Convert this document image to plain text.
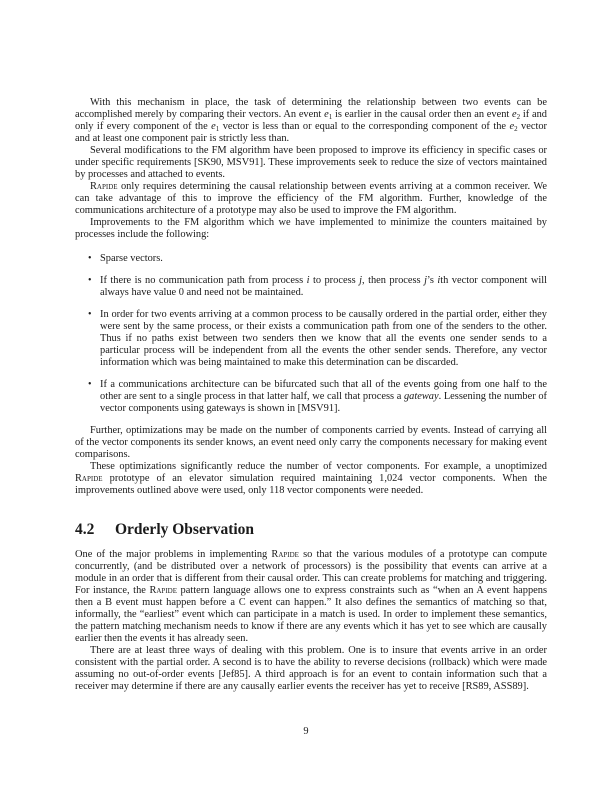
With this mechanism in place, the task of determining the relationship between two events can be accomplished merely by comparing their vectors. An event $e_1$ is earlier in the causal order then an event $e_2$ if and only if every component of the $e_1$ vector is less than or equal to the corresponding component of the $e_2$ vector and at least one component pair is strictly less than.

Several modifications to the FM algorithm have been proposed to improve its efficiency in specific cases or under specific requirements [SK90, MSV91]. These improvements seek to reduce the size of vectors maintained by processes and attached to events.

Rapide only requires determining the causal relationship between events arriving at a common receiver. We can take advantage of this to improve the efficiency of the FM algorithm. Further, knowledge of the communications architecture of a prototype may also be used to improve the FM algorithm.

Improvements to the FM algorithm which we have implemented to minimize the counters maitained by processes include the following:

• Sparse vectors.
• If there is no communication path from process i to process j, then process j’s ith vector component will always have value 0 and need not be maintained.
• In order for two events arriving at a common process to be causally ordered in the partial order, either they were sent by the same process, or their exists a communication path from one of the senders to the other. Thus if no paths exist between two senders then we know that all the events one sender sends to a particular process will be independent from all the events the other sender sends. Therefore, any vector information which was being maintained to make this determination can be discarded.
• If a communications architecture can be bifurcated such that all of the events going from one half to the other are sent to a single process in that latter half, we call that process a gateway. Lessening the number of vector components using gateways is shown in [MSV91].

Further, optimizations may be made on the number of components carried by events. Instead of carrying all of the vector components its sender knows, an event need only carry the components necessary for making event comparisons.

These optimizations significantly reduce the number of vector components. For example, a unoptimized Rapide prototype of an elevator simulation required maintaining 1,024 vector components. When the improvements outlined above were used, only 118 vector components were needed.

4.2 Orderly Observation

One of the major problems in implementing Rapide so that the various modules of a prototype can compute concurrently, (and be distributed over a network of processors) is the possibility that events can arrive at a module in an order that is different from their causal order. This can create problems for matching and triggering. For instance, the Rapide pattern language allows one to express constraints such as “when an A event happens then a B event must happen before a C event can happen.” It also defines the semantics of matching so that, informally, the “earliest” event which can participate in a match is used. In order to implement these semantics, the pattern matching mechanism needs to know if there are any events which it has yet to see which are causally earlier then the events it has already seen.

There are at least three ways of dealing with this problem. One is to insure that events arrive in an order consistent with the partial order. A second is to have the ability to reverse decisions (rollback) which were made assuming no out-of-order events [Jef85]. A third approach is for an event to contain information such that a receiver may determine if there are any causally earlier events the receiver has yet to receive [RS89, ASS89].

9
